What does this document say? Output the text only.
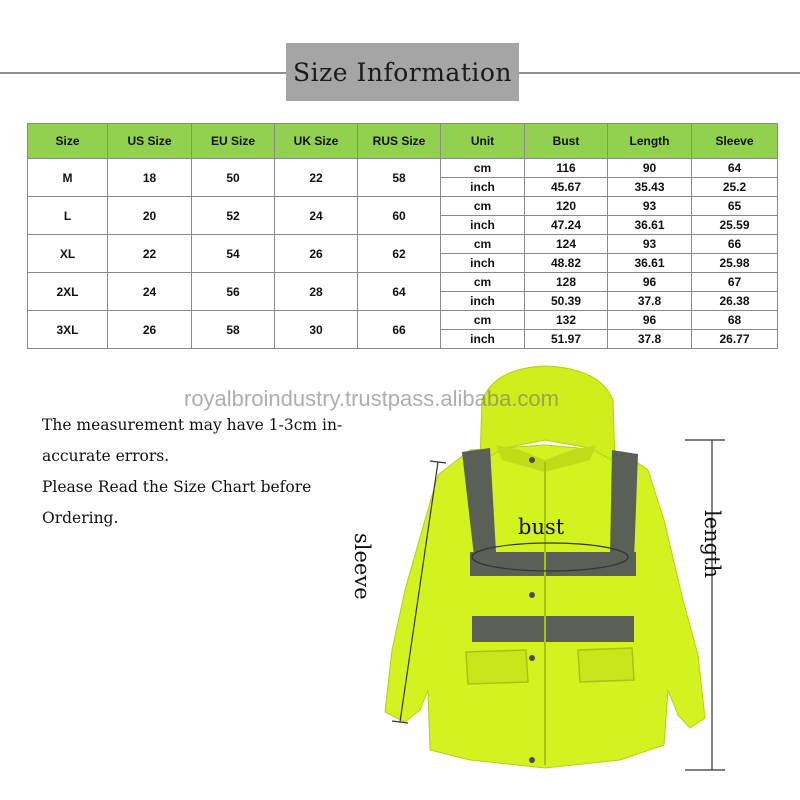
Size Information
Size	US Size	EU Size	UK Size	RUS Size	Unit	Bust	Length	Sleeve
M	18	50	22	58	cm	116	90	64
					inch	45.67	35.43	25.2
L	20	52	24	60	cm	120	93	65
					inch	47.24	36.61	25.59
XL	22	54	26	62	cm	124	93	66
					inch	48.82	36.61	25.98
2XL	24	56	28	64	cm	128	96	67
					inch	50.39	37.8	26.38
3XL	26	58	30	66	cm	132	96	68
					inch	51.97	37.8	26.77
The measurement may have 1-3cm in-
accurate errors.
Please Read the Size Chart before
Ordering.
royalbroindustry.trustpass.alibaba.com
bust
sleeve	length
